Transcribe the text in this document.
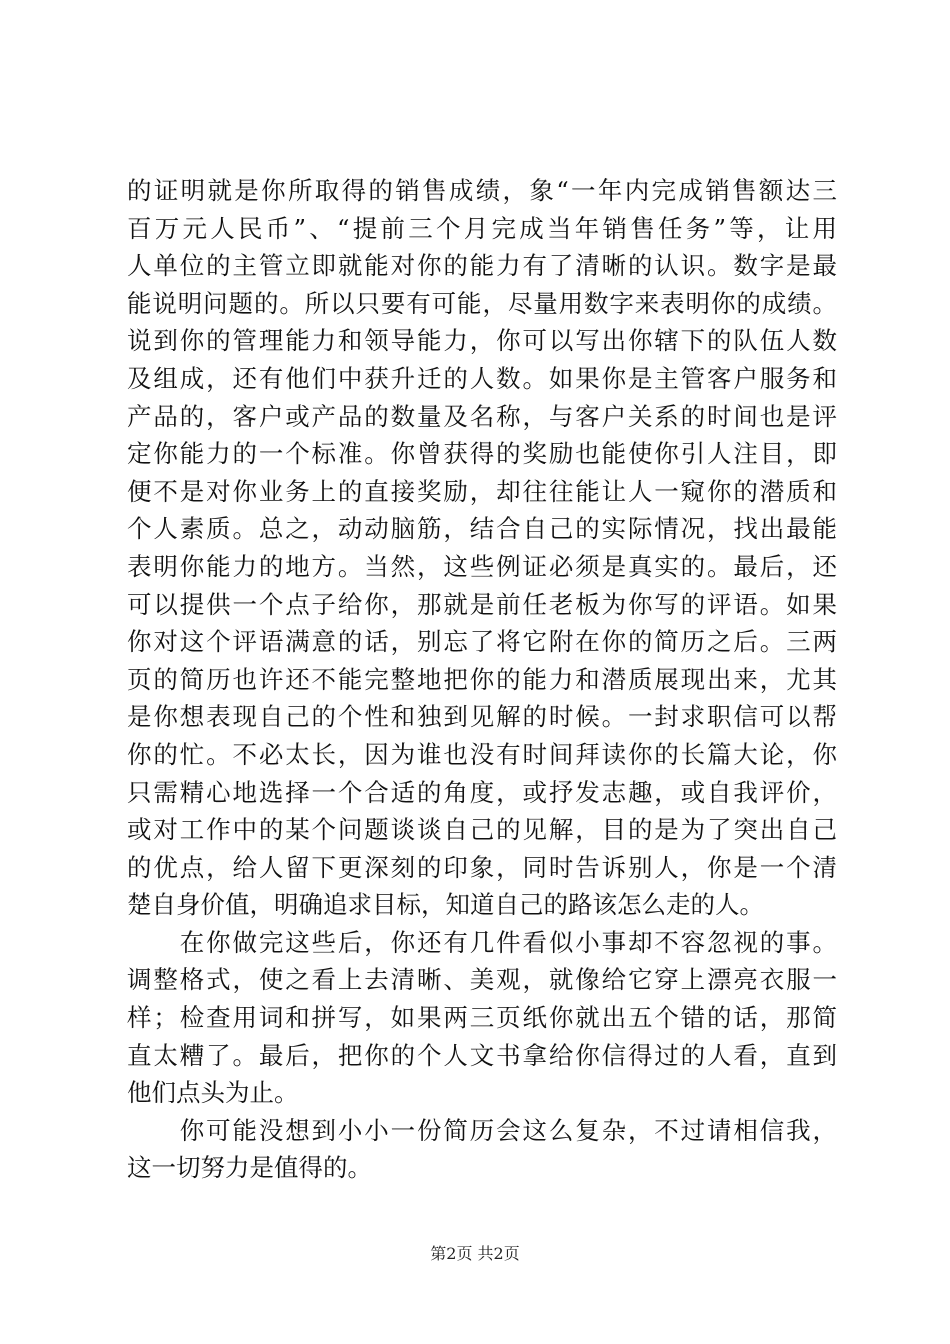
的证明就是你所取得的销售成绩，象“一年内完成销售额达三
百万元人民币”、“提前三个月完成当年销售任务”等，让用
人单位的主管立即就能对你的能力有了清晰的认识。数字是最
能说明问题的。所以只要有可能，尽量用数字来表明你的成绩。
说到你的管理能力和领导能力，你可以写出你辖下的队伍人数
及组成，还有他们中获升迁的人数。如果你是主管客户服务和
产品的，客户或产品的数量及名称，与客户关系的时间也是评
定你能力的一个标准。你曾获得的奖励也能使你引人注目，即
便不是对你业务上的直接奖励，却往往能让人一窥你的潜质和
个人素质。总之，动动脑筋，结合自己的实际情况，找出最能
表明你能力的地方。当然，这些例证必须是真实的。最后，还
可以提供一个点子给你，那就是前任老板为你写的评语。如果
你对这个评语满意的话，别忘了将它附在你的简历之后。三两
页的简历也许还不能完整地把你的能力和潜质展现出来，尤其
是你想表现自己的个性和独到见解的时候。一封求职信可以帮
你的忙。不必太长，因为谁也没有时间拜读你的长篇大论，你
只需精心地选择一个合适的角度，或抒发志趣，或自我评价，
或对工作中的某个问题谈谈自己的见解，目的是为了突出自己
的优点，给人留下更深刻的印象，同时告诉别人，你是一个清
楚自身价值，明确追求目标，知道自己的路该怎么走的人。
　　在你做完这些后，你还有几件看似小事却不容忽视的事。
调整格式，使之看上去清晰、美观，就像给它穿上漂亮衣服一
样；检查用词和拼写，如果两三页纸你就出五个错的话，那简
直太糟了。最后，把你的个人文书拿给你信得过的人看，直到
他们点头为止。
　　你可能没想到小小一份简历会这么复杂，不过请相信我，
这一切努力是值得的。
第2页 共2页
